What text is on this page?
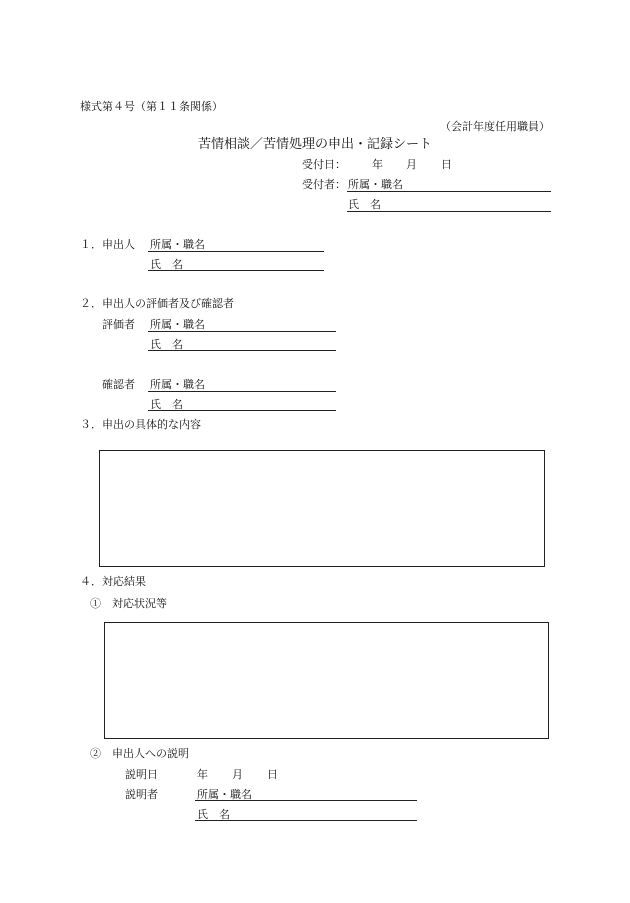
様式第４号（第１１条関係）
（会計年度任用職員）
苦情相談／苦情処理の申出・記録シート
受付日： 年 月 日
受付者： 所属・職名
氏　名
１．申出人 所属・職名
氏　名
２．申出人の評価者及び確認者
評価者 所属・職名
氏　名
確認者 所属・職名
氏　名
３．申出の具体的な内容
４．対応結果
①　対応状況等
②　申出人への説明
説明日	年 月 日
説明者	所属・職名
氏　名
